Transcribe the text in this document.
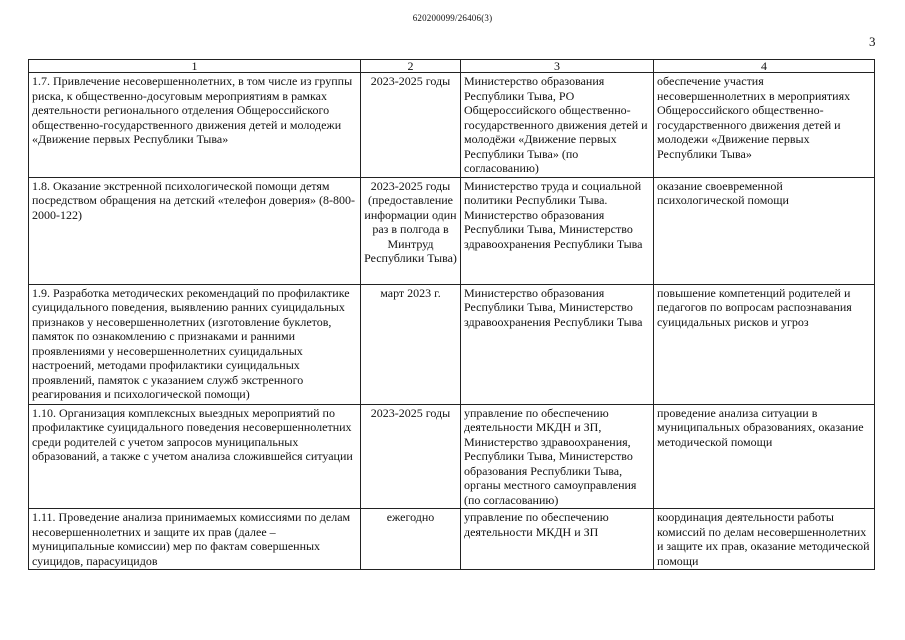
620200099/26406(3)
3
1	2	3	4
1.7. Привлечение несовершеннолетних, в том числе из группы риска, к общественно-досуговым мероприятиям в рамках деятельности регионального отделения Общероссийского общественно-государственного движения детей и молодежи «Движение первых Республики Тыва»	2023-2025 годы	Министерство образования Республики Тыва, РО Общероссийского общественно-государственного движения детей и молодёжи «Движение первых Республики Тыва» (по согласованию)	обеспечение участия несовершеннолетних в мероприятиях Общероссийского общественно-государственного движения детей и молодежи «Движение первых Республики Тыва»
1.8. Оказание экстренной психологической помощи детям посредством обращения на детский «телефон доверия» (8-800-2000-122)	2023-2025 годы (предоставление информации один раз в полгода в Минтруд Республики Тыва)	Министерство труда и социальной политики Республики Тыва. Министерство образования Республики Тыва, Министерство здравоохранения Республики Тыва	оказание своевременной психологической помощи
1.9. Разработка методических рекомендаций по профилактике суицидального поведения, выявлению ранних суицидальных признаков у несовершеннолетних (изготовление буклетов, памяток по ознакомлению с признаками и ранними проявлениями у несовершеннолетних суицидальных настроений, методами профилактики суицидальных проявлений, памяток с указанием служб экстренного реагирования и психологической помощи)	март 2023 г.	Министерство образования Республики Тыва, Министерство здравоохранения Республики Тыва	повышение компетенций родителей и педагогов по вопросам распознавания суицидальных рисков и угроз
1.10. Организация комплексных выездных мероприятий по профилактике суицидального поведения несовершеннолетних среди родителей с учетом запросов муниципальных образований, а также с учетом анализа сложившейся ситуации	2023-2025 годы	управление по обеспечению деятельности МКДН и ЗП, Министерство здравоохранения, Республики Тыва, Министерство образования Республики Тыва, органы местного самоуправления (по согласованию)	проведение анализа ситуации в муниципальных образованиях, оказание методической помощи
1.11. Проведение анализа принимаемых комиссиями по делам несовершеннолетних и защите их прав (далее – муниципальные комиссии) мер по фактам совершенных суицидов, парасуицидов	ежегодно	управление по обеспечению деятельности МКДН и ЗП	координация деятельности работы комиссий по делам несовершеннолетних и защите их прав, оказание методической помощи
